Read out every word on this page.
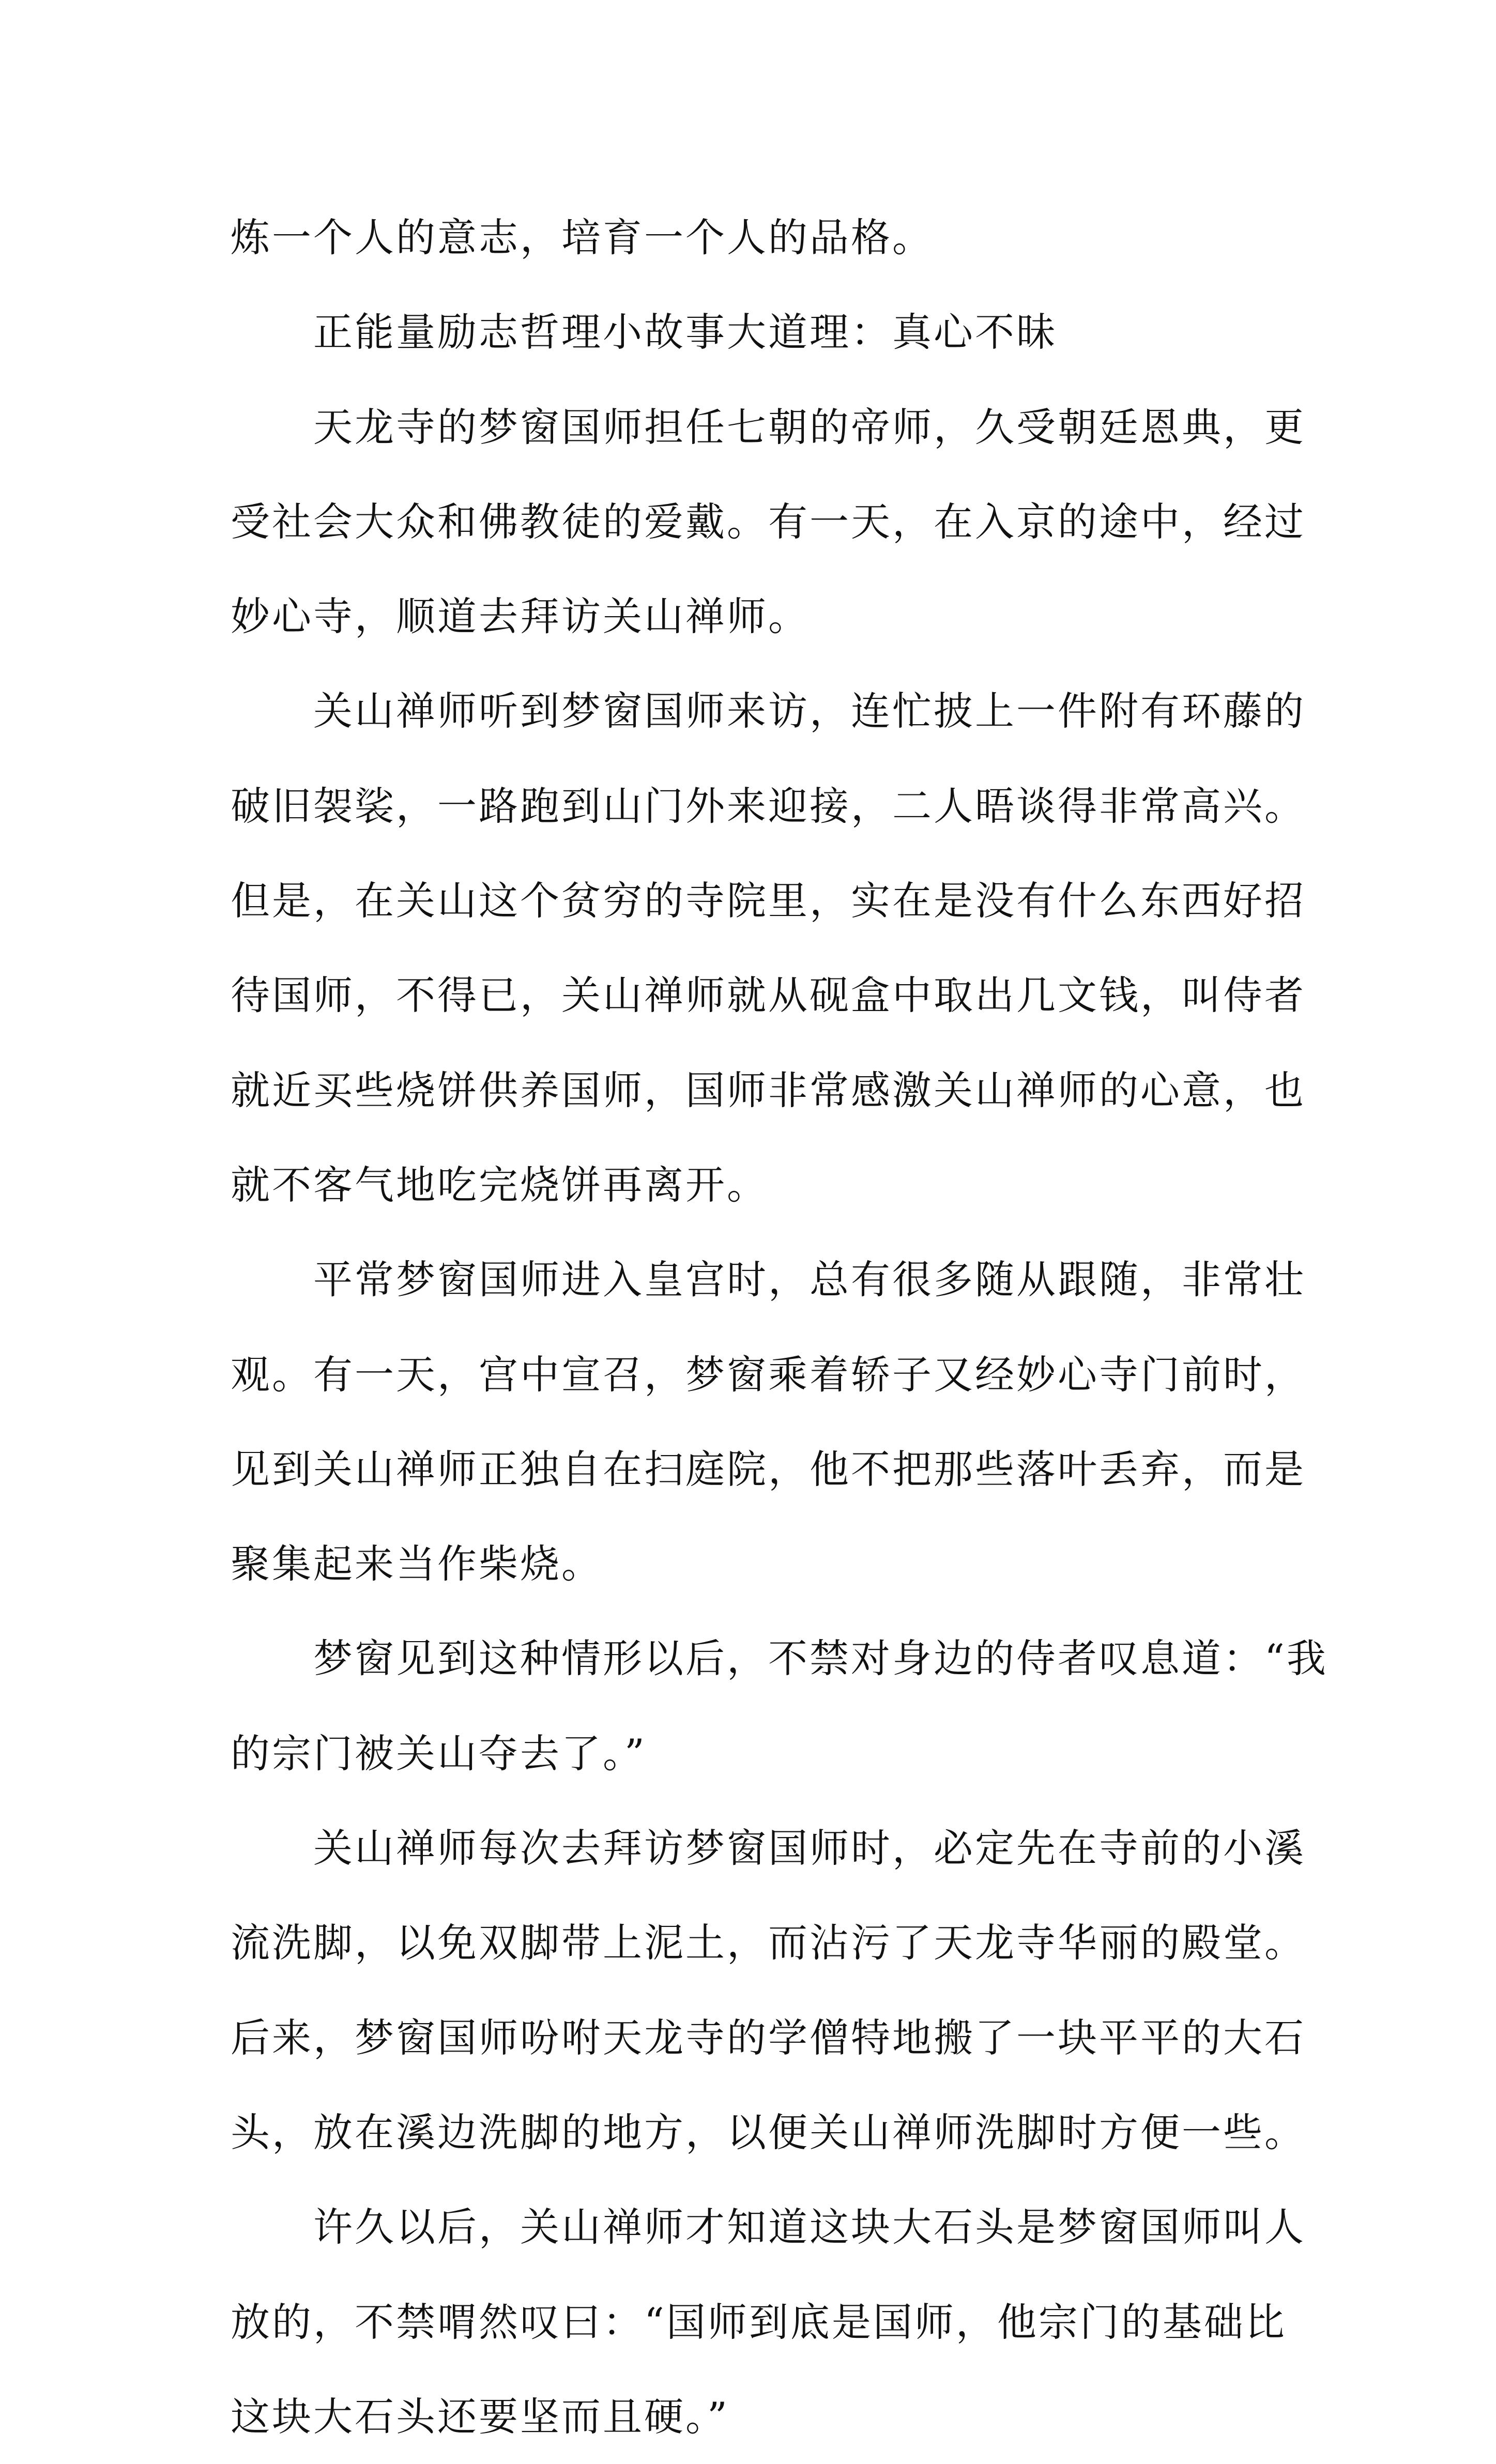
炼一个人的意志，培育一个人的品格。
正能量励志哲理小故事大道理：真心不昧
天龙寺的梦窗国师担任七朝的帝师，久受朝廷恩典，更
受社会大众和佛教徒的爱戴。有一天，在入京的途中，经过
妙心寺，顺道去拜访关山禅师。
关山禅师听到梦窗国师来访，连忙披上一件附有环藤的
破旧袈裟，一路跑到山门外来迎接，二人晤谈得非常高兴。
但是，在关山这个贫穷的寺院里，实在是没有什么东西好招
待国师，不得已，关山禅师就从砚盒中取出几文钱，叫侍者
就近买些烧饼供养国师，国师非常感激关山禅师的心意，也
就不客气地吃完烧饼再离开。
平常梦窗国师进入皇宫时，总有很多随从跟随，非常壮
观。有一天，宫中宣召，梦窗乘着轿子又经妙心寺门前时，
见到关山禅师正独自在扫庭院，他不把那些落叶丢弃，而是
聚集起来当作柴烧。
梦窗见到这种情形以后，不禁对身边的侍者叹息道：“我
的宗门被关山夺去了。”
关山禅师每次去拜访梦窗国师时，必定先在寺前的小溪
流洗脚，以免双脚带上泥土，而沾污了天龙寺华丽的殿堂。
后来，梦窗国师吩咐天龙寺的学僧特地搬了一块平平的大石
头，放在溪边洗脚的地方，以便关山禅师洗脚时方便一些。
许久以后，关山禅师才知道这块大石头是梦窗国师叫人
放的，不禁喟然叹曰：“国师到底是国师，他宗门的基础比
这块大石头还要坚而且硬。”
